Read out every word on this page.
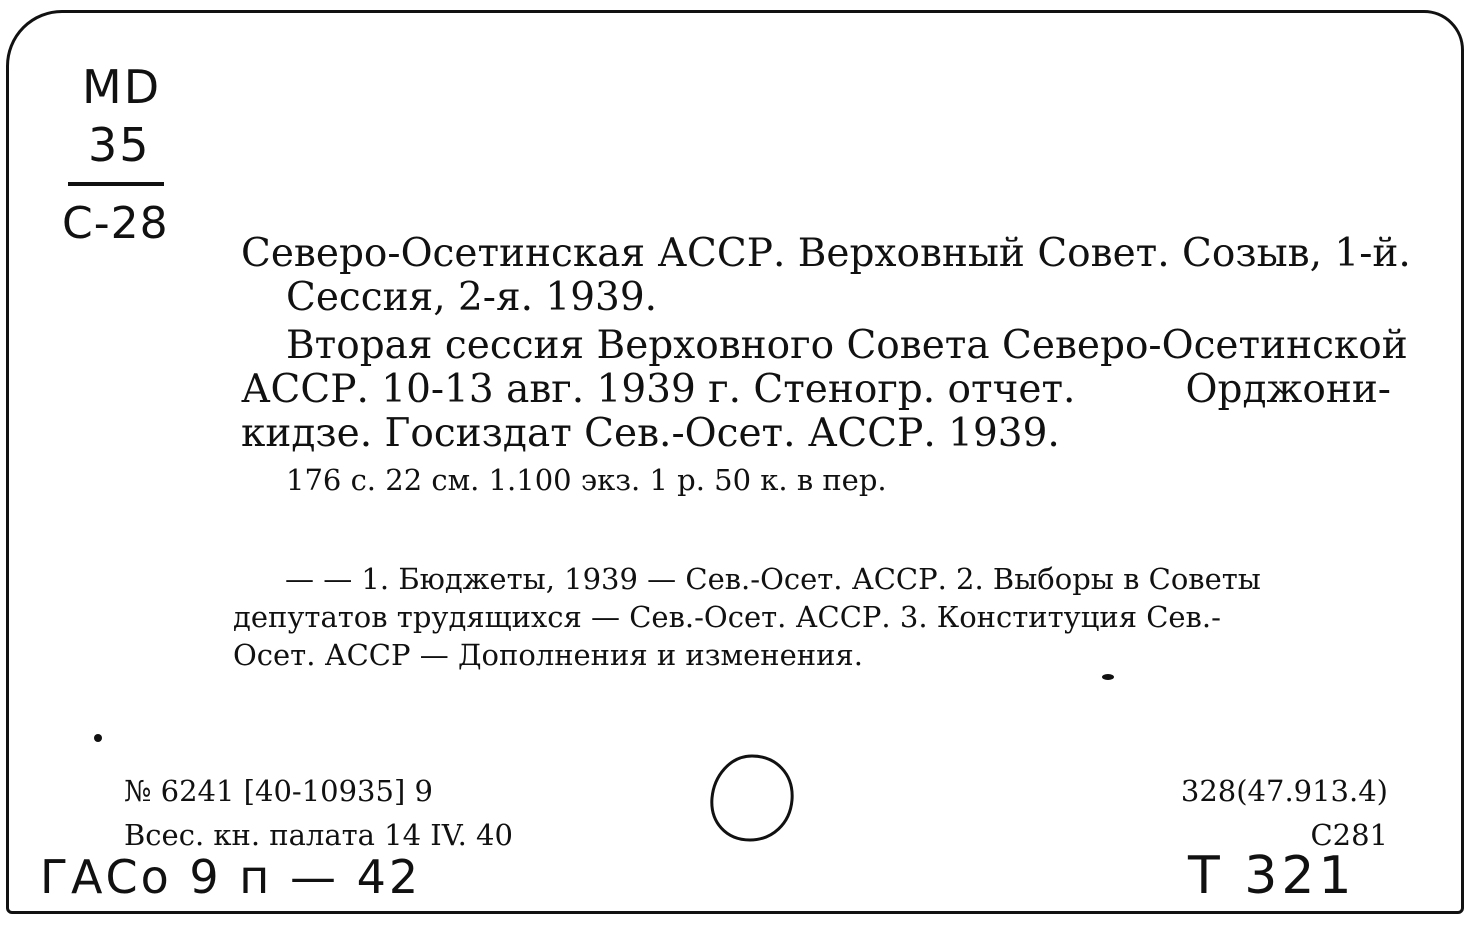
MD
35
C-28
Северо-Осетинская АССР. Верховный Совет. Созыв, 1-й.
Сессия, 2-я. 1939.
Вторая сессия Верховного Совета Северо-Осетинской
АССР. 10-13 авг. 1939 г. Стеногр. отчет.	Орджони-
кидзе. Госиздат Сев.-Осет. АССР. 1939.
176 с. 22 см. 1.100 экз. 1 р. 50 к. в пер.
— — 1. Бюджеты, 1939 — Сев.-Осет. АССР. 2. Выборы в Советы
депутатов трудящихся — Сев.-Осет. АССР. 3. Конституция Сев.-
Осет. АССР — Дополнения и изменения.
№ 6241 [40-10935] 9
Всес. кн. палата 14 IV. 40
328(47.913.4)
C281
ГАСо 9 п — 42	Т 321
